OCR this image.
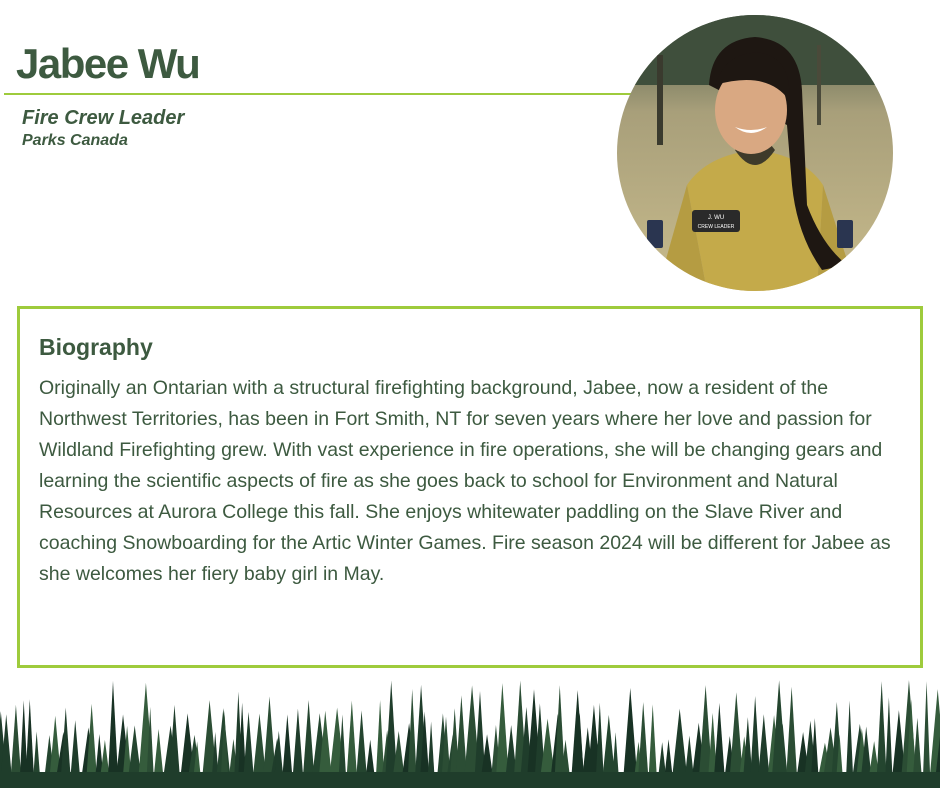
Jabee Wu
Fire Crew Leader
Parks Canada
J. WU
CREW LEADER
Biography
Originally an Ontarian with a structural firefighting background, Jabee, now a resident of the Northwest Territories, has been in Fort Smith, NT for seven years where her love and passion for Wildland Firefighting grew. With vast experience in fire operations, she will be changing gears and learning the scientific aspects of fire as she goes back to school for Environment and Natural Resources at Aurora College this fall. She enjoys whitewater paddling on the Slave River and coaching Snowboarding for the Artic Winter Games. Fire season 2024 will be different for Jabee as she welcomes her fiery baby girl in May.
